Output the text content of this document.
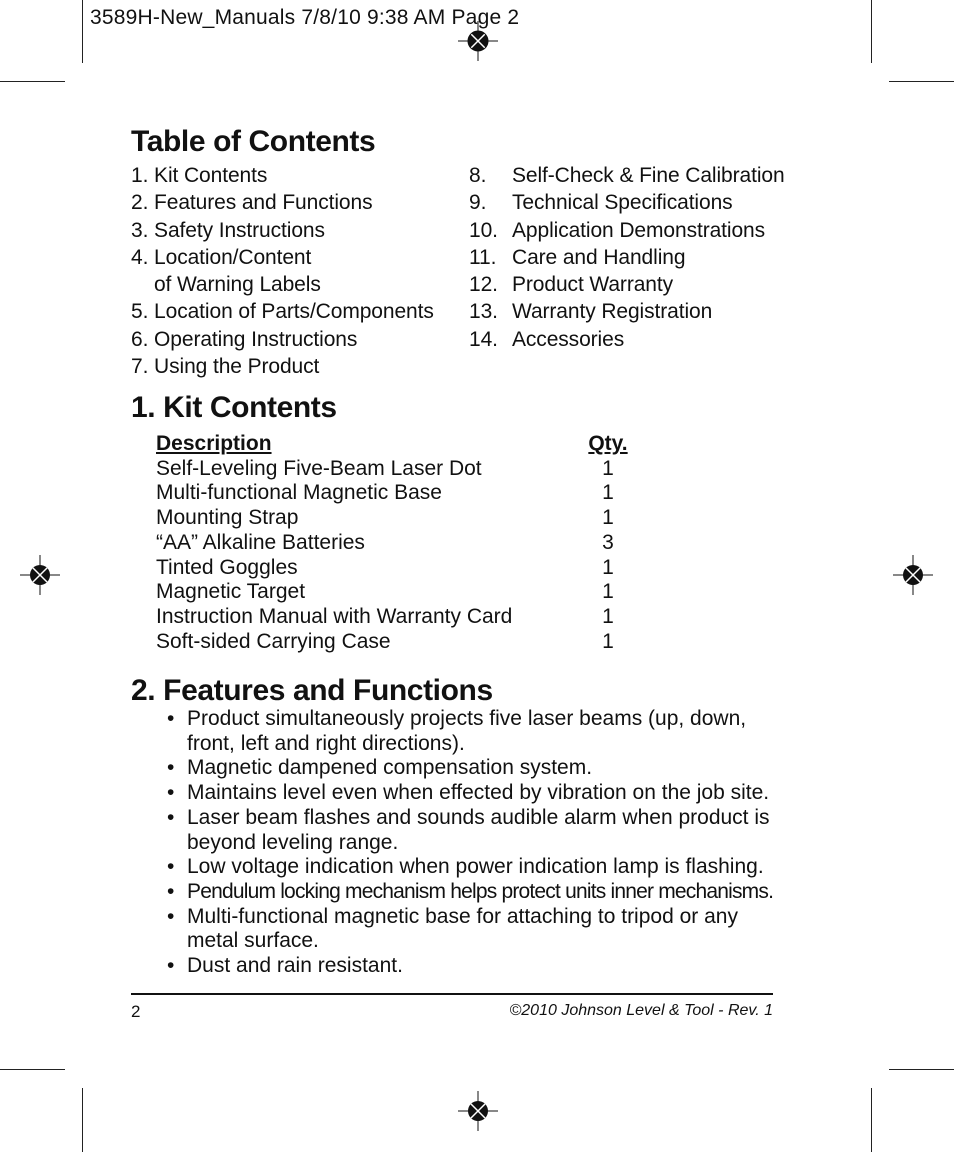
3589H-New_Manuals 7/8/10 9:38 AM Page 2
Table of Contents
1. Kit Contents
2. Features and Functions
3. Safety Instructions
4. Location/Content
of Warning Labels
5. Location of Parts/Components
6. Operating Instructions
7. Using the Product
8.	Self-Check & Fine Calibration
9.	Technical Specifications
10. Application Demonstrations
11. Care and Handling
12. Product Warranty
13. Warranty Registration
14. Accessories
1. Kit Contents
Description	Qty.
Self-Leveling Five-Beam Laser Dot	1
Multi-functional Magnetic Base	1
Mounting Strap	1
“AA” Alkaline Batteries	3
Tinted Goggles	1
Magnetic Target	1
Instruction Manual with Warranty Card	1
Soft-sided Carrying Case	1
2. Features and Functions
• Product simultaneously projects five laser beams (up, down, front, left and right directions).
• Magnetic dampened compensation system.
• Maintains level even when effected by vibration on the job site.
• Laser beam flashes and sounds audible alarm when product is beyond leveling range.
• Low voltage indication when power indication lamp is flashing.
• Pendulum locking mechanism helps protect units inner mechanisms.
• Multi-functional magnetic base for attaching to tripod or any metal surface.
• Dust and rain resistant.
2	©2010 Johnson Level & Tool - Rev. 1
